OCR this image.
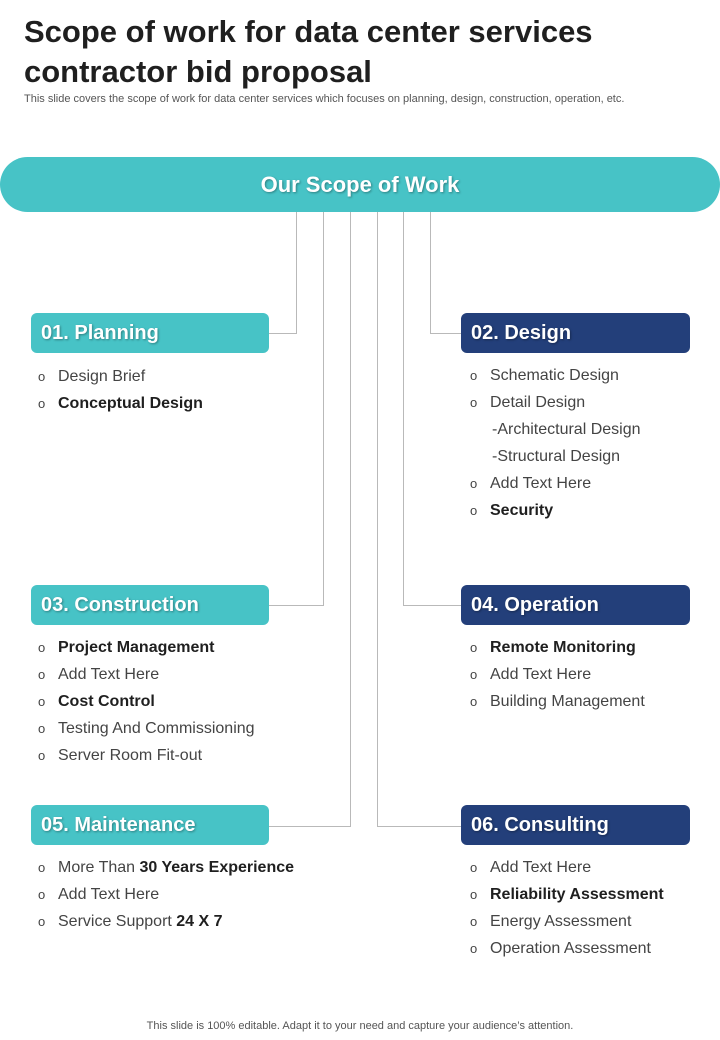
Scope of work for data center services contractor bid proposal

This slide covers the scope of work for data center services which focuses on planning, design, construction, operation, etc.

Our Scope of Work
01. Planning	02. Design
03. Construction	04. Operation
05. Maintenance	06. Consulting
o Design Brief
o Conceptual Design
o Schematic Design
o Detail Design
-Architectural Design
-Structural Design
o Add Text Here
o Security
o Project Management
o Add Text Here
o Cost Control
o Testing And Commissioning
o Server Room Fit-out
o Remote Monitoring
o Add Text Here
o Building Management
o More Than 30 Years Experience
o Add Text Here
o Service Support 24 X 7
o Add Text Here
o Reliability Assessment
o Energy Assessment
o Operation Assessment

This slide is 100% editable. Adapt it to your need and capture your audience’s attention.
